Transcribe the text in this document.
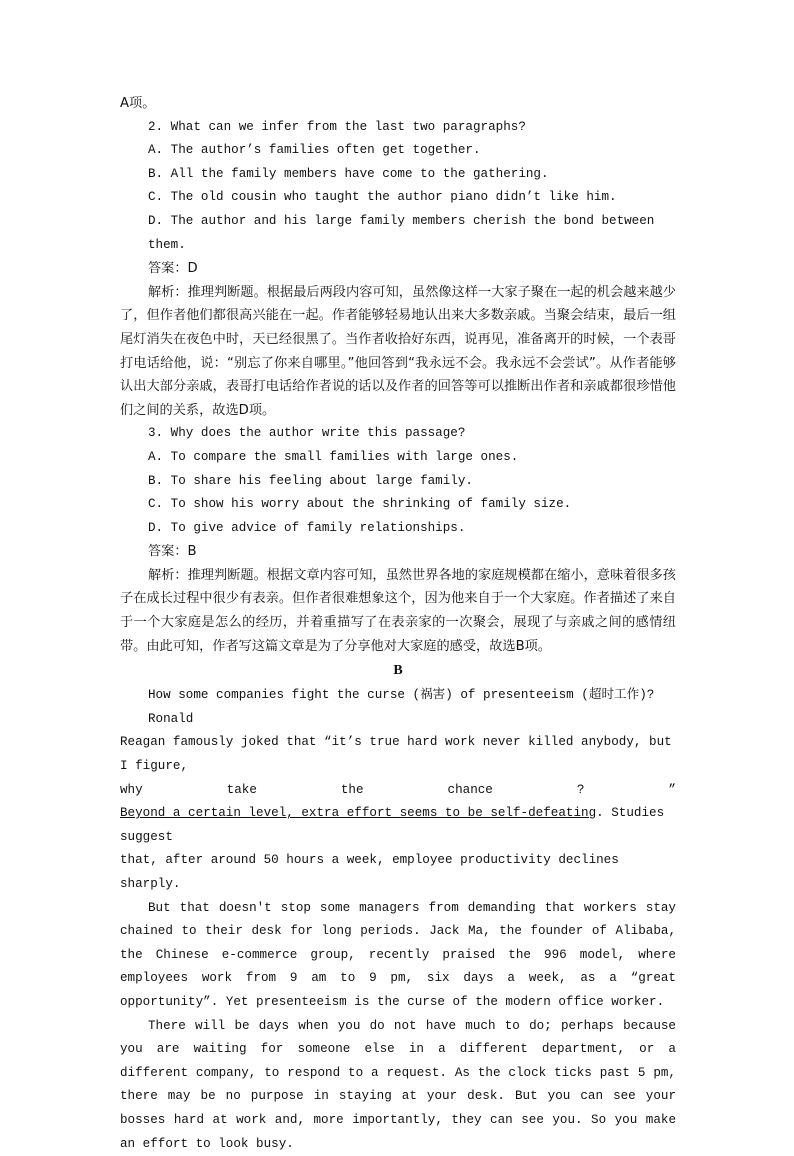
A项。
2. What can we infer from the last two paragraphs?
A. The author’s families often get together.
B. All the family members have come to the gathering.
C. The old cousin who taught the author piano didn’t like him.
D. The author and his large family members cherish the bond between them.
答案：D
解析：推理判断题。根据最后两段内容可知，虽然像这样一大家子聚在一起的机会越来越少了，但作者他们都很高兴能在一起。作者能够轻易地认出来大多数亲戚。当聚会结束，最后一组尾灯消失在夜色中时，天已经很黑了。当作者收拾好东西，说再见，准备离开的时候，一个表哥打电话给他，说：“别忘了你来自哪里。”他回答到“我永远不会。我永远不会尝试”。从作者能够认出大部分亲戚，表哥打电话给作者说的话以及作者的回答等可以推断出作者和亲戚都很珍惜他们之间的关系，故选D项。
3. Why does the author write this passage?
A. To compare the small families with large ones.
B. To share his feeling about large family.
C. To show his worry about the shrinking of family size.
D. To give advice of family relationships.
答案：B
解析：推理判断题。根据文章内容可知，虽然世界各地的家庭规模都在缩小，意味着很多孩子在成长过程中很少有表亲。但作者很难想象这个，因为他来自于一个大家庭。作者描述了来自于一个大家庭是怎么的经历，并着重描写了在表亲家的一次聚会，展现了与亲戚之间的感情纽带。由此可知，作者写这篇文章是为了分享他对大家庭的感受，故选B项。
B
How some companies fight the curse (祸害) of presenteeism (超时工作)? Ronald
Reagan famously joked that “it’s true hard work never killed anybody, but I figure,
why	take	the	chance	?	”
Beyond a certain level, extra effort seems to be self-defeating. Studies suggest
that, after around 50 hours a week, employee productivity declines sharply.
But that doesn't stop some managers from demanding that workers stay chained to their desk for long periods. Jack Ma, the founder of Alibaba, the Chinese e-commerce group, recently praised the 996 model, where employees work from 9 am to 9 pm, six days a week, as a “great opportunity”. Yet presenteeism is the curse of the modern office worker.
There will be days when you do not have much to do; perhaps because you are waiting for someone else in a different department, or a different company, to respond to a request. As the clock ticks past 5 pm, there may be no purpose in staying at your desk. But you can see your bosses hard at work and, more importantly, they can see you. So you make an effort to look busy.
